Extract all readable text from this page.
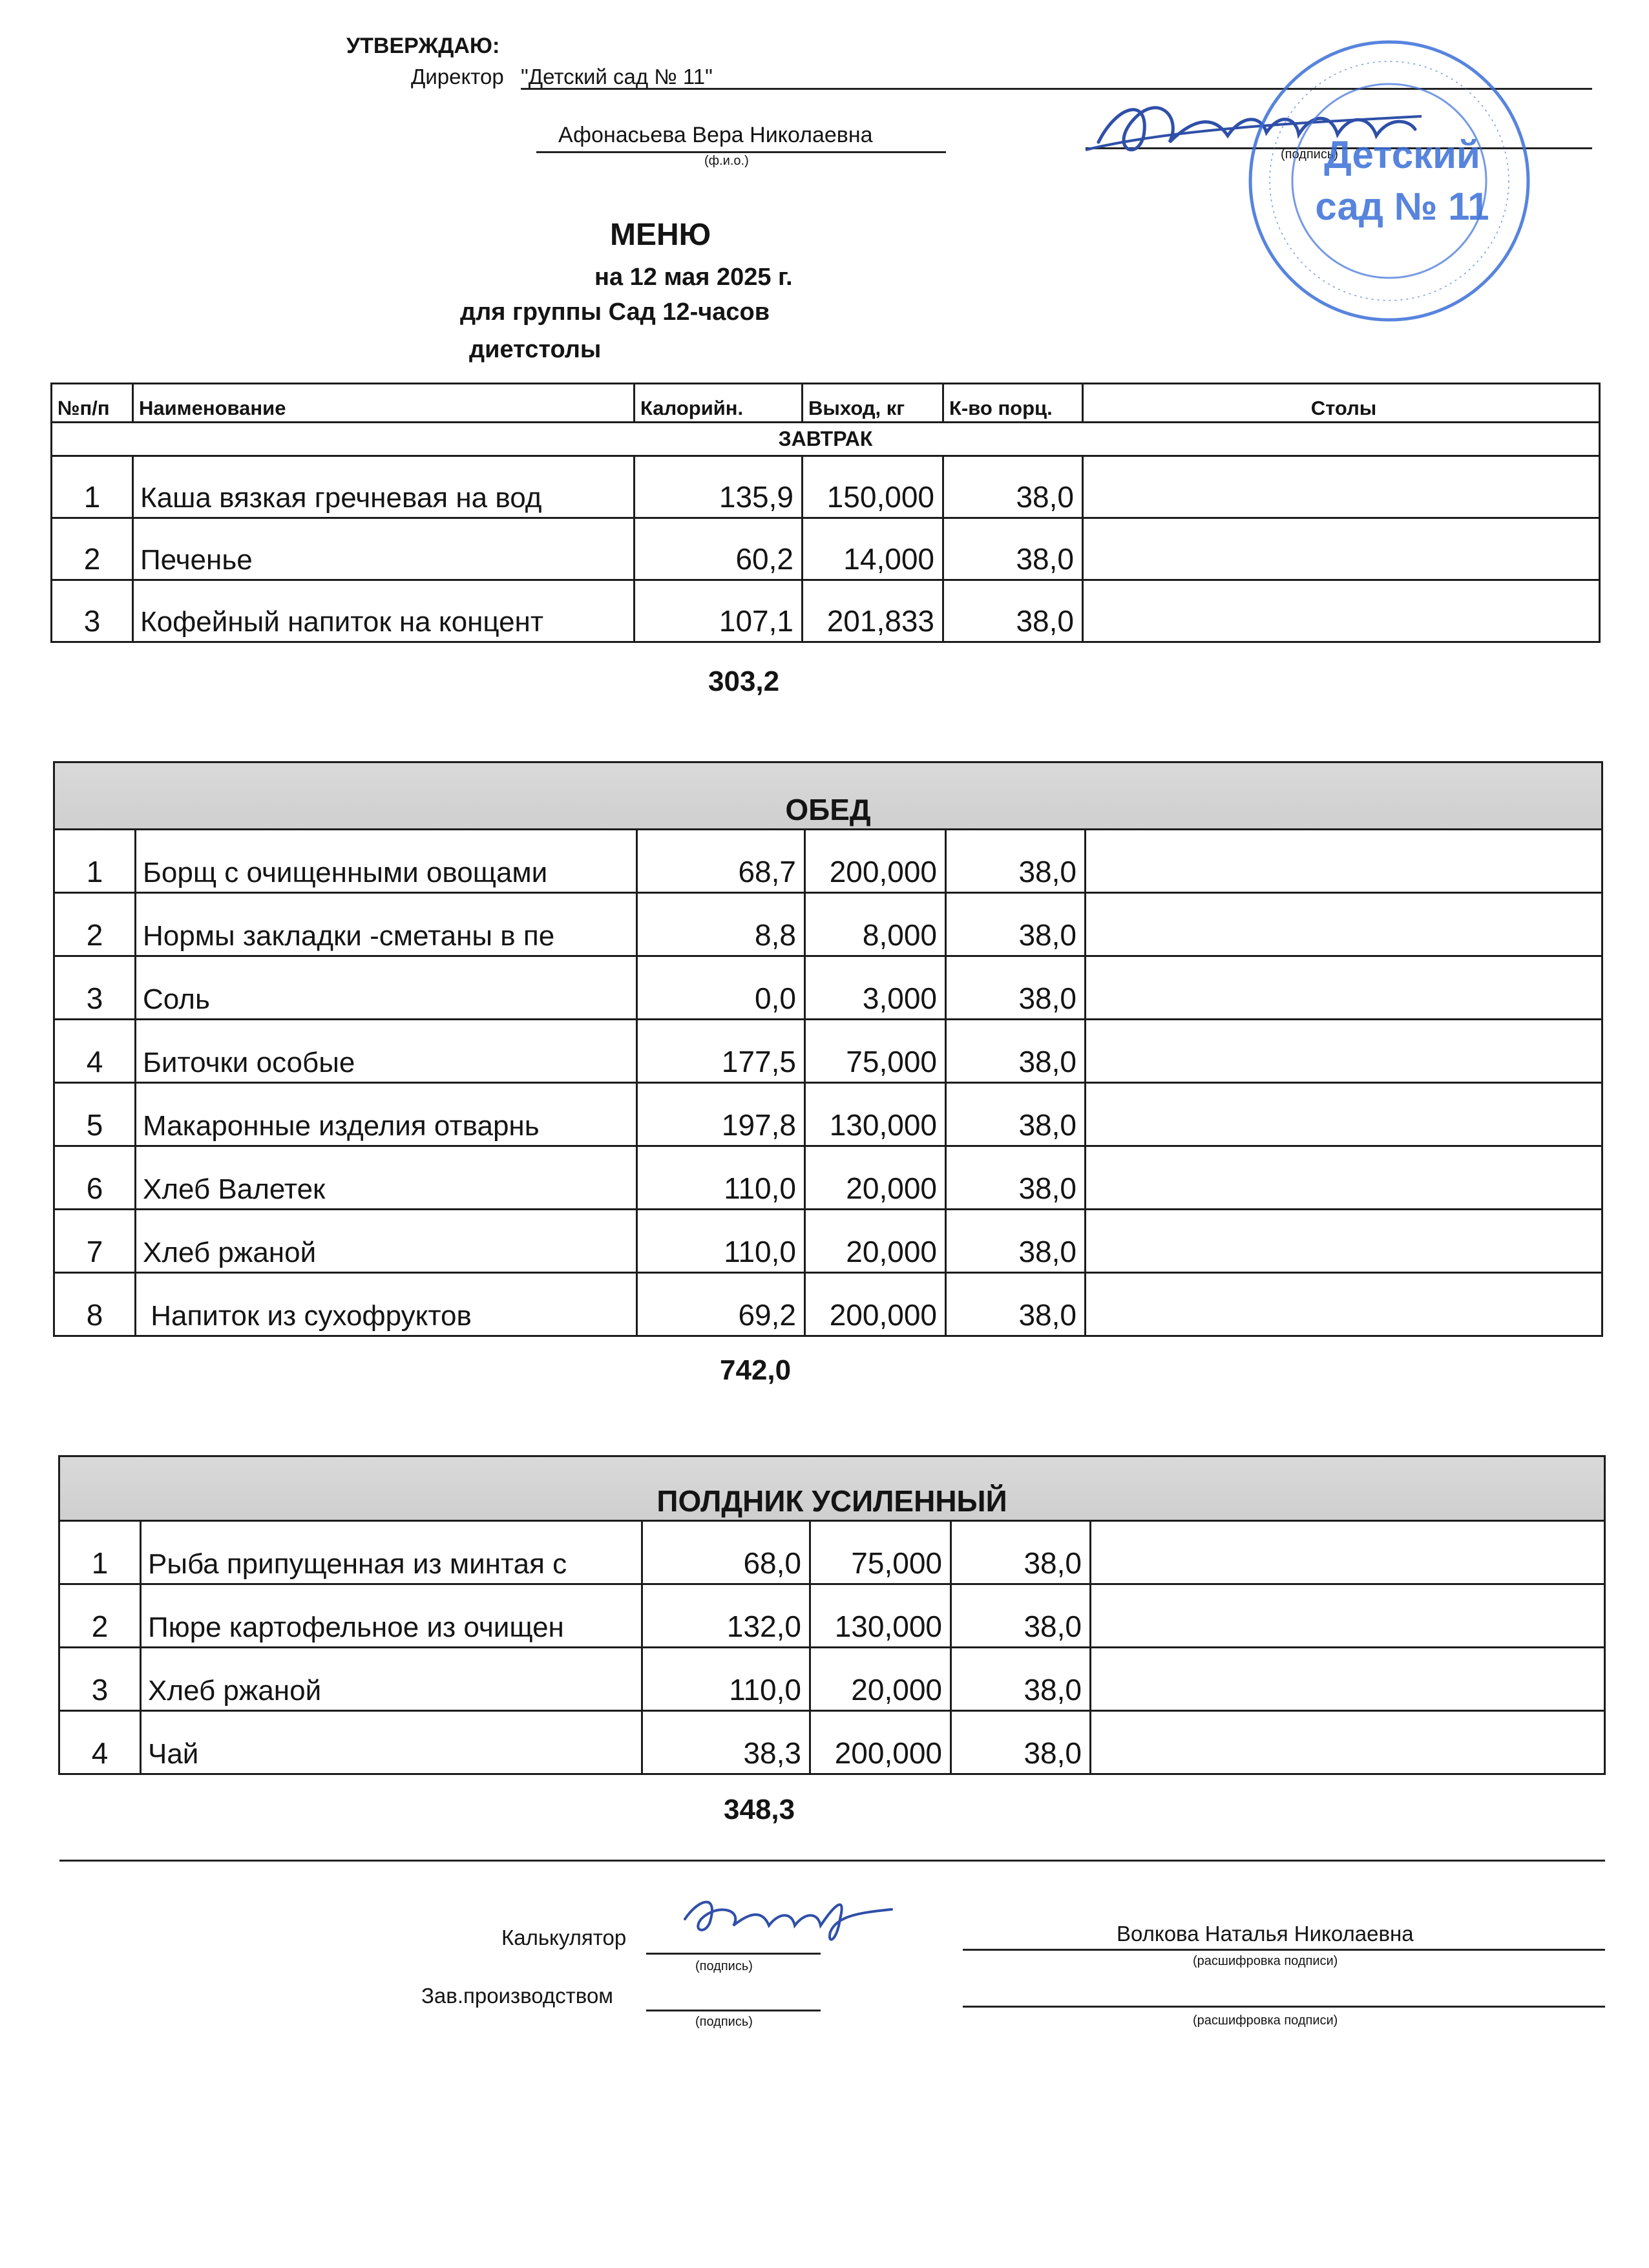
УТВЕРЖДАЮ:
Директор "Детский сад № 11"
Афонасьева Вера Николаевна
(ф.и.о.)	(подпись)
Детский
сад № 11
МЕНЮ
на 12 мая 2025 г.
для группы Сад 12-часов
диетстолы
№п/п	Наименование	Калорийн.	Выход, кг	К-во порц.	Столы
ЗАВТРАК					
1	Каша вязкая гречневая на вод	135,9	150,000	38,0	
2	Печенье	60,2	14,000	38,0	
3	Кофейный напиток на концент	107,1	201,833	38,0	
303,2
ОБЕД					
1	Борщ с очищенными овощами	68,7	200,000	38,0	
2	Нормы закладки -сметаны в пе	8,8	8,000	38,0	
3	Соль	0,0	3,000	38,0	
4	Биточки особые	177,5	75,000	38,0	
5	Макаронные изделия отварнь	197,8	130,000	38,0	
6	Хлеб Валетек	110,0	20,000	38,0	
7	Хлеб ржаной	110,0	20,000	38,0	
8	Напиток из сухофруктов	69,2	200,000	38,0	
742,0
ПОЛДНИК УСИЛЕННЫЙ					
1	Рыба припущенная из минтая с	68,0	75,000	38,0	
2	Пюре картофельное из очищен	132,0	130,000	38,0	
3	Хлеб ржаной	110,0	20,000	38,0	
4	Чай	38,3	200,000	38,0	
348,3
Калькулятор
(подпись)
Волкова Наталья Николаевна
(расшифровка подписи)
Зав.производством
(подпись)	(расшифровка подписи)
